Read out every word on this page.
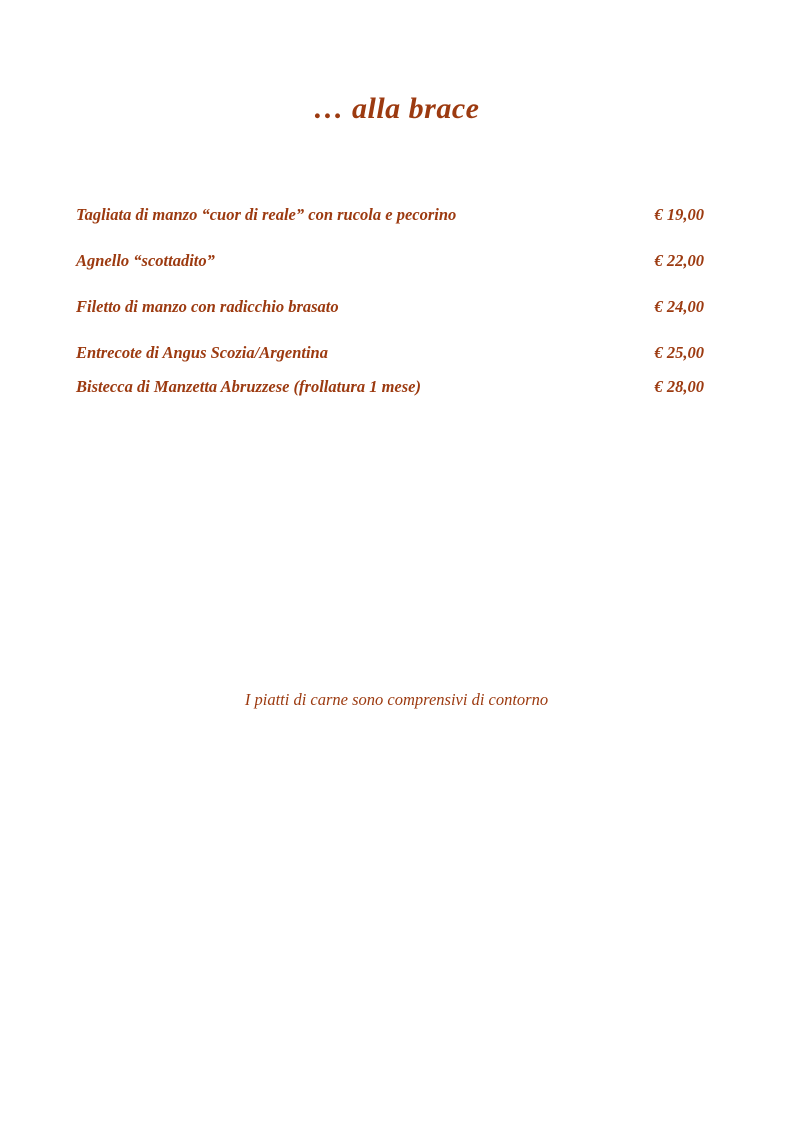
… alla brace
Tagliata di manzo “cuor di reale” con rucola e pecorino	€ 19,00
Agnello “scottadito”	€ 22,00
Filetto di manzo con radicchio brasato	€ 24,00
Entrecote di Angus Scozia/Argentina	€ 25,00
Bistecca di Manzetta Abruzzese (frollatura 1 mese)	€ 28,00
I piatti di carne sono comprensivi di contorno
